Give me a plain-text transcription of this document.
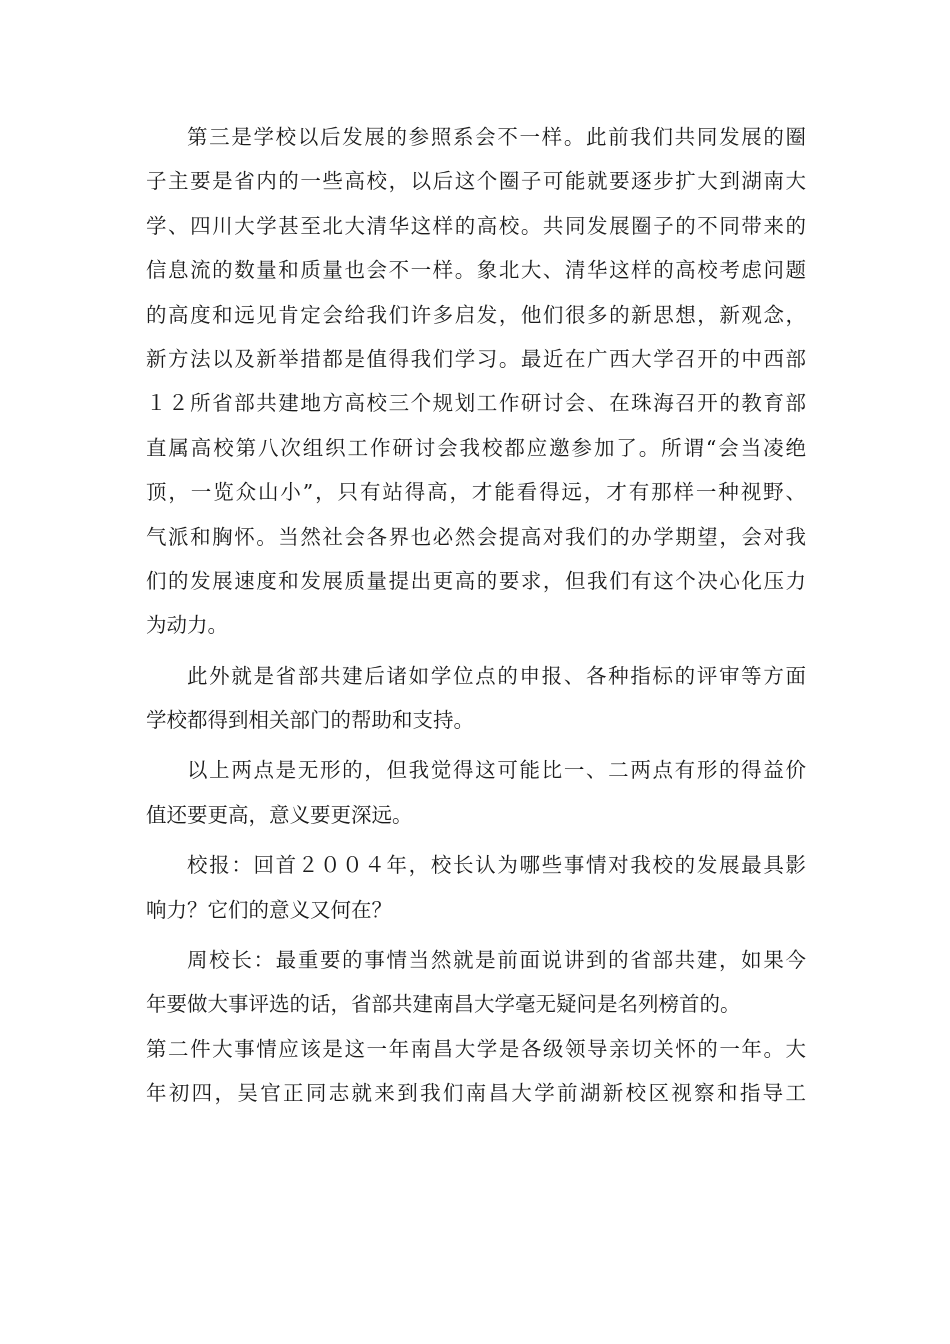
第三是学校以后发展的参照系会不一样。此前我们共同发展的圈
子主要是省内的一些高校，以后这个圈子可能就要逐步扩大到湖南大
学、四川大学甚至北大清华这样的高校。共同发展圈子的不同带来的
信息流的数量和质量也会不一样。象北大、清华这样的高校考虑问题
的高度和远见肯定会给我们许多启发，他们很多的新思想，新观念，
新方法以及新举措都是值得我们学习。最近在广西大学召开的中西部
１２所省部共建地方高校三个规划工作研讨会、在珠海召开的教育部
直属高校第八次组织工作研讨会我校都应邀参加了。所谓“会当凌绝
顶，一览众山小”，只有站得高，才能看得远，才有那样一种视野、
气派和胸怀。当然社会各界也必然会提高对我们的办学期望，会对我
们的发展速度和发展质量提出更高的要求，但我们有这个决心化压力
为动力。
此外就是省部共建后诸如学位点的申报、各种指标的评审等方面
学校都得到相关部门的帮助和支持。
以上两点是无形的，但我觉得这可能比一、二两点有形的得益价
值还要更高，意义要更深远。
校报：回首２００４年，校长认为哪些事情对我校的发展最具影
响力？它们的意义又何在？
周校长：最重要的事情当然就是前面说讲到的省部共建，如果今
年要做大事评选的话，省部共建南昌大学毫无疑问是名列榜首的。
第二件大事情应该是这一年南昌大学是各级领导亲切关怀的一年。大
年初四，吴官正同志就来到我们南昌大学前湖新校区视察和指导工
